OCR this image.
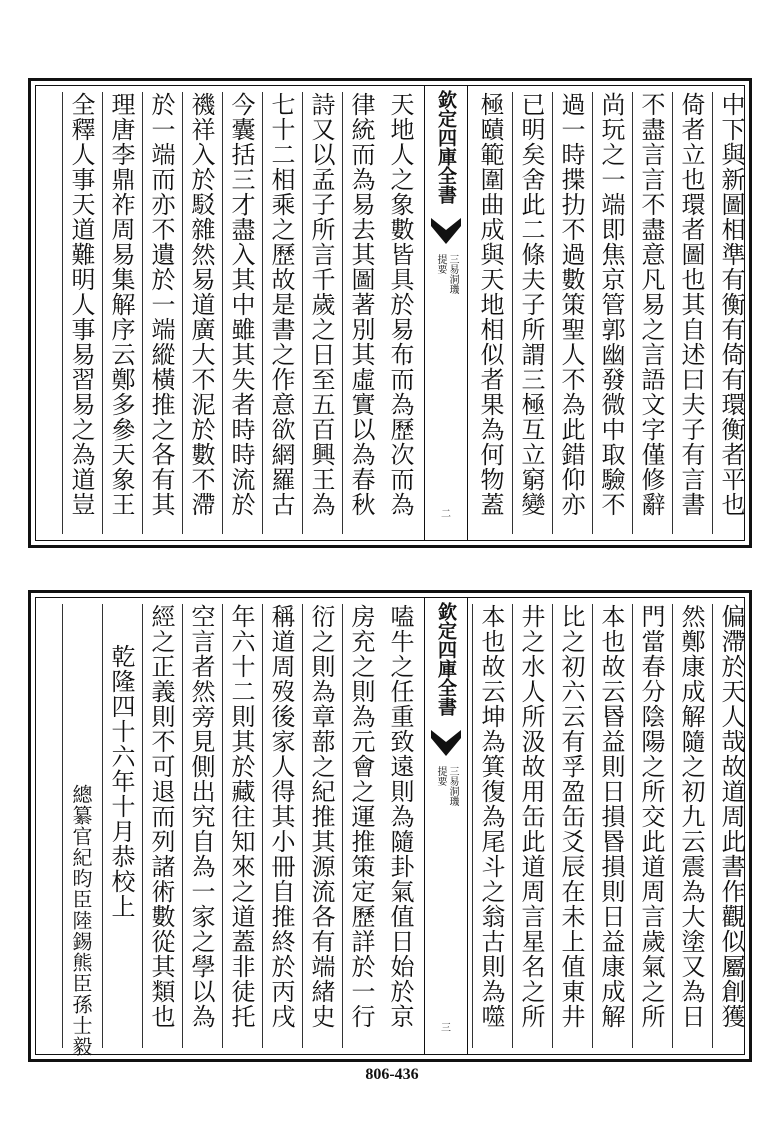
中下與新圖相準有衡有倚有環衡者平也
倚者立也環者圖也其自述曰夫子有言書
不盡言言不盡意凡易之言語文字僅修辭
尚玩之一端即焦京管郭幽發微中取驗不
過一時揲扐不過數策聖人不為此錯仰亦
已明矣舍此二條夫子所謂三極互立窮變
極賾範圍曲成與天地相似者果為何物蓋
欽定四庫全書
提要 三易洞璣
二
天地人之象數皆具於易布而為歷次而為
律統而為易去其圖著別其虛實以為春秋
詩又以孟子所言千歲之日至五百興王為
七十二相乘之歷故是書之作意欲網羅古
今囊括三才盡入其中雖其失者時時流於
禨祥入於駁雜然易道廣大不泥於數不滯
於一端而亦不遺於一端縱橫推之各有其
理唐李鼎祚周易集解序云鄭多參天象王
全釋人事天道難明人事易習易之為道豈
偏滯於天人哉故道周此書作觀似屬創獲
然鄭康成解隨之初九云震為大塗又為日
門當春分陰陽之所交此道周言歲氣之所
本也故云昬益則日損昬損則日益康成解
比之初六云有孚盈缶爻辰在未上值東井
井之水人所汲故用缶此道周言星名之所
本也故云坤為箕復為尾斗之翁古則為噬
欽定四庫全書
提要 三易洞璣
三
嗑牛之任重致遠則為隨卦氣值日始於京
房充之則為元會之運推策定歷詳於一行
衍之則為章蔀之紀推其源流各有端緒史
稱道周歿後家人得其小冊自推終於丙戌
年六十二則其於藏往知來之道蓋非徒托
空言者然旁見側出究自為一家之學以為
經之正義則不可退而列諸術數從其類也
乾隆四十六年十月恭校上
總纂官紀昀臣陸錫熊臣孫士毅
806-436
